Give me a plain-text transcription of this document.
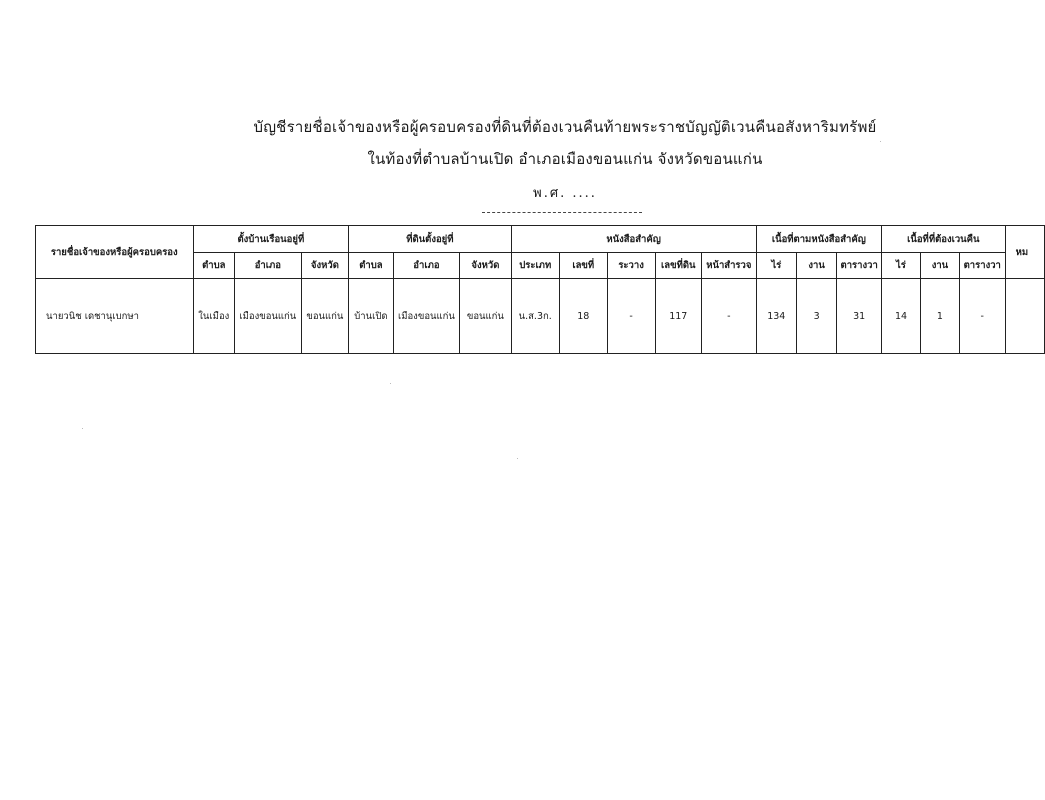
บัญชีรายชื่อเจ้าของหรือผู้ครอบครองที่ดินที่ต้องเวนคืนท้ายพระราชบัญญัติเวนคืนอสังหาริมทรัพย์
ในท้องที่ตำบลบ้านเปิด อำเภอเมืองขอนแก่น จังหวัดขอนแก่น
พ.ศ. ....
รายชื่อเจ้าของหรือผู้ครอบครอง	ตั้งบ้านเรือนอยู่ที่			ที่ดินตั้งอยู่ที่			หนังสือสำคัญ					เนื้อที่ตามหนังสือสำคัญ			เนื้อที่ที่ต้องเวนคืน			หม
	ตำบล	อำเภอ	จังหวัด	ตำบล	อำเภอ	จังหวัด	ประเภท	เลขที่	ระวาง	เลขที่ดิน	หน้าสำรวจ	ไร่	งาน	ตารางวา	ไร่	งาน	ตารางวา	
นายวนิช เดชานุเบกษา	ในเมือง	เมืองขอนแก่น	ขอนแก่น	บ้านเปิด	เมืองขอนแก่น	ขอนแก่น	น.ส.3ก.	18	-	117	-	134	3	31	14	1	-	
